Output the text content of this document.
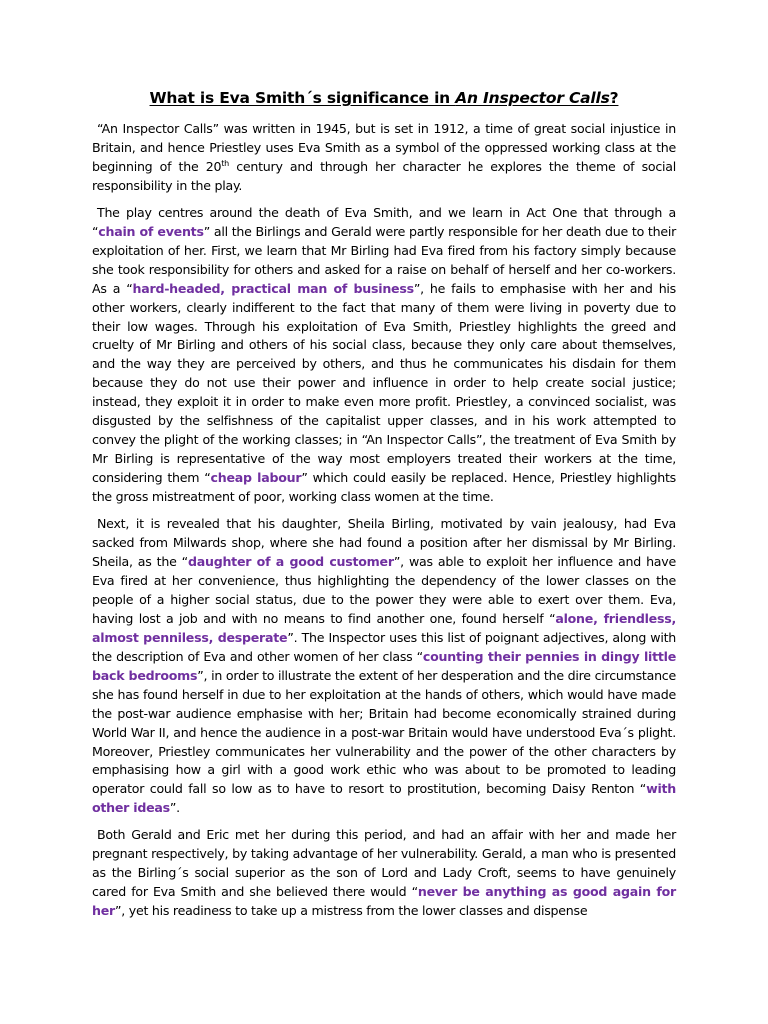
What is Eva Smith´s significance in An Inspector Calls?

“An Inspector Calls” was written in 1945, but is set in 1912, a time of great social injustice in Britain, and hence Priestley uses Eva Smith as a symbol of the oppressed working class at the beginning of the 20th century and through her character he explores the theme of social responsibility in the play.

The play centres around the death of Eva Smith, and we learn in Act One that through a “chain of events” all the Birlings and Gerald were partly responsible for her death due to their exploitation of her. First, we learn that Mr Birling had Eva fired from his factory simply because she took responsibility for others and asked for a raise on behalf of herself and her co-workers. As a “hard-headed, practical man of business”, he fails to emphasise with her and his other workers, clearly indifferent to the fact that many of them were living in poverty due to their low wages. Through his exploitation of Eva Smith, Priestley highlights the greed and cruelty of Mr Birling and others of his social class, because they only care about themselves, and the way they are perceived by others, and thus he communicates his disdain for them because they do not use their power and influence in order to help create social justice; instead, they exploit it in order to make even more profit. Priestley, a convinced socialist, was disgusted by the selfishness of the capitalist upper classes, and in his work attempted to convey the plight of the working classes; in “An Inspector Calls”, the treatment of Eva Smith by Mr Birling is representative of the way most employers treated their workers at the time, considering them “cheap labour” which could easily be replaced. Hence, Priestley highlights the gross mistreatment of poor, working class women at the time.

Next, it is revealed that his daughter, Sheila Birling, motivated by vain jealousy, had Eva sacked from Milwards shop, where she had found a position after her dismissal by Mr Birling. Sheila, as the “daughter of a good customer”, was able to exploit her influence and have Eva fired at her convenience, thus highlighting the dependency of the lower classes on the people of a higher social status, due to the power they were able to exert over them. Eva, having lost a job and with no means to find another one, found herself “alone, friendless, almost penniless, desperate”. The Inspector uses this list of poignant adjectives, along with the description of Eva and other women of her class “counting their pennies in dingy little back bedrooms”, in order to illustrate the extent of her desperation and the dire circumstance she has found herself in due to her exploitation at the hands of others, which would have made the post-war audience emphasise with her; Britain had become economically strained during World War II, and hence the audience in a post-war Britain would have understood Eva´s plight. Moreover, Priestley communicates her vulnerability and the power of the other characters by emphasising how a girl with a good work ethic who was about to be promoted to leading operator could fall so low as to have to resort to prostitution, becoming Daisy Renton “with other ideas”.

Both Gerald and Eric met her during this period, and had an affair with her and made her pregnant respectively, by taking advantage of her vulnerability. Gerald, a man who is presented as the Birling´s social superior as the son of Lord and Lady Croft, seems to have genuinely cared for Eva Smith and she believed there would “never be anything as good again for her”, yet his readiness to take up a mistress from the lower classes and dispense
